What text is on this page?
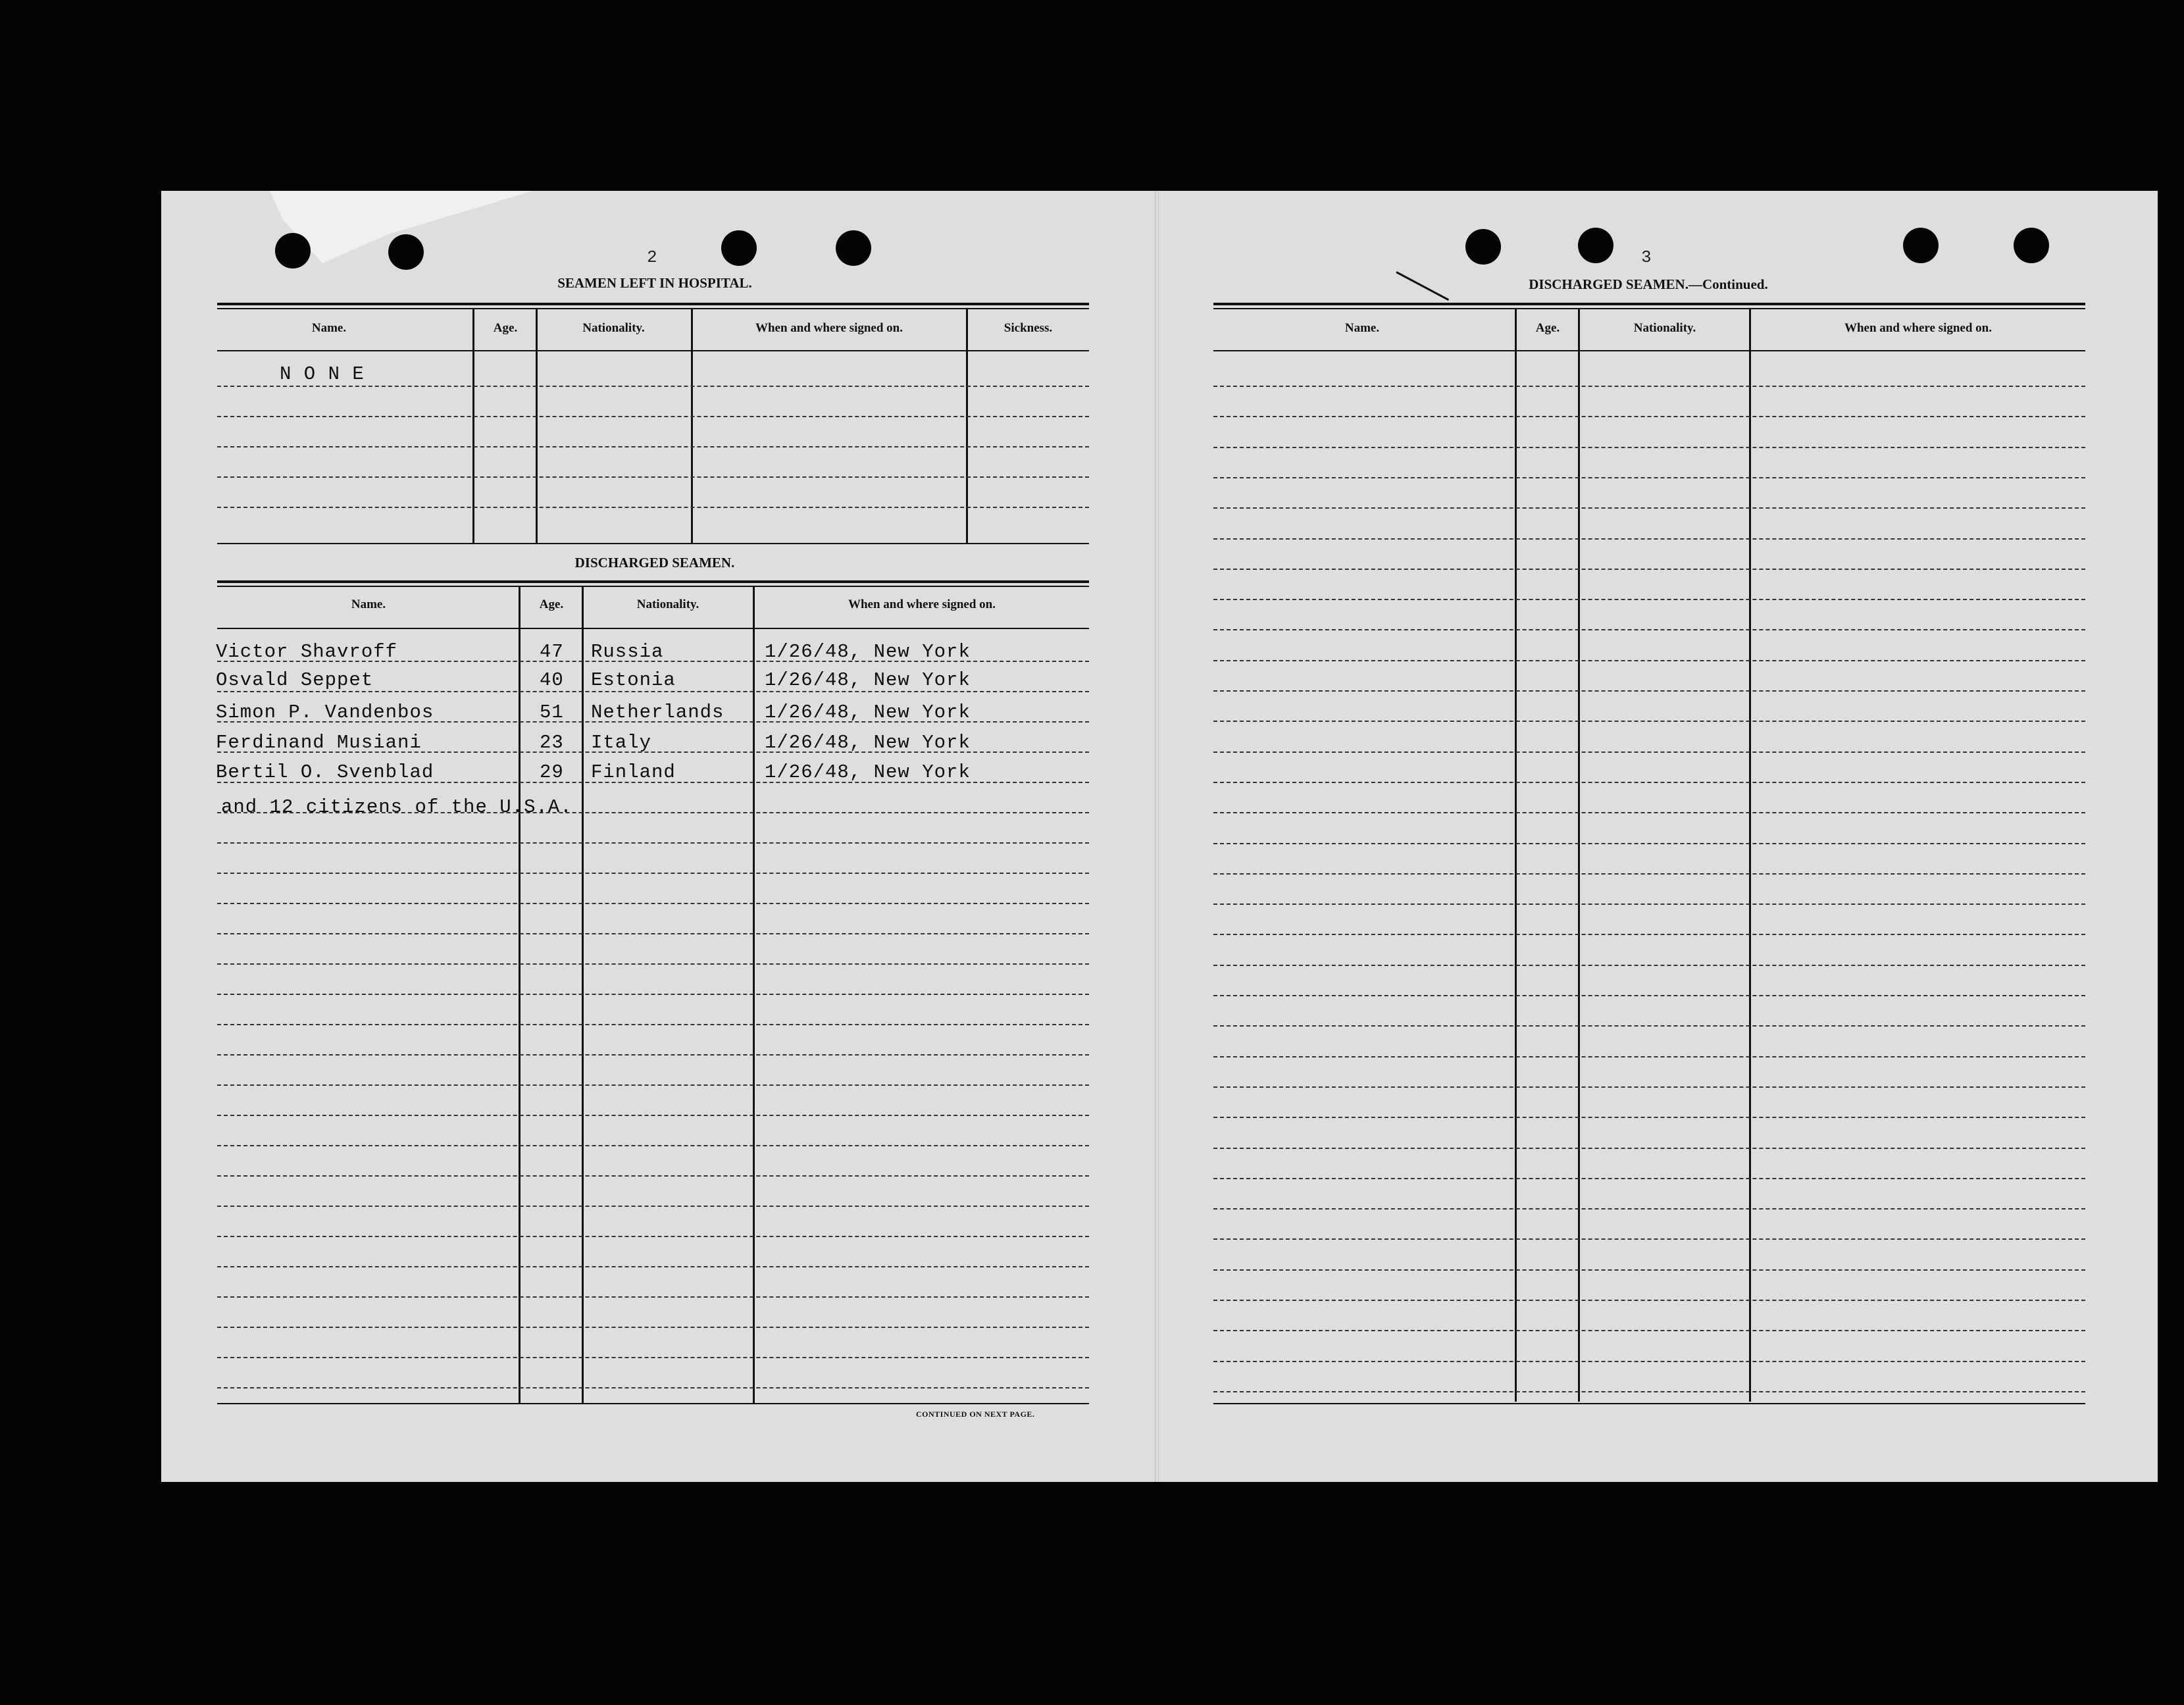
2
SEAMEN LEFT IN HOSPITAL.
Name.	Age.	Nationality.	When and where signed on.	Sickness.
N O N E
DISCHARGED SEAMEN.
Name.	Age.	Nationality.	When and where signed on.
Victor Shavroff	47 Russia	1/26/48, New York
Osvald Seppet	40 Estonia	1/26/48, New York
Simon P. Vandenbos	51 Netherlands 1/26/48, New York
Ferdinand Musiani	23 Italy	1/26/48, New York
Bertil O. Svenblad	29 Finland	1/26/48, New York
and 12 citizens of the U.S.A.
CONTINUED ON NEXT PAGE.
3
DISCHARGED SEAMEN.—Continued.
Name.	Age.	Nationality.	When and where signed on.
